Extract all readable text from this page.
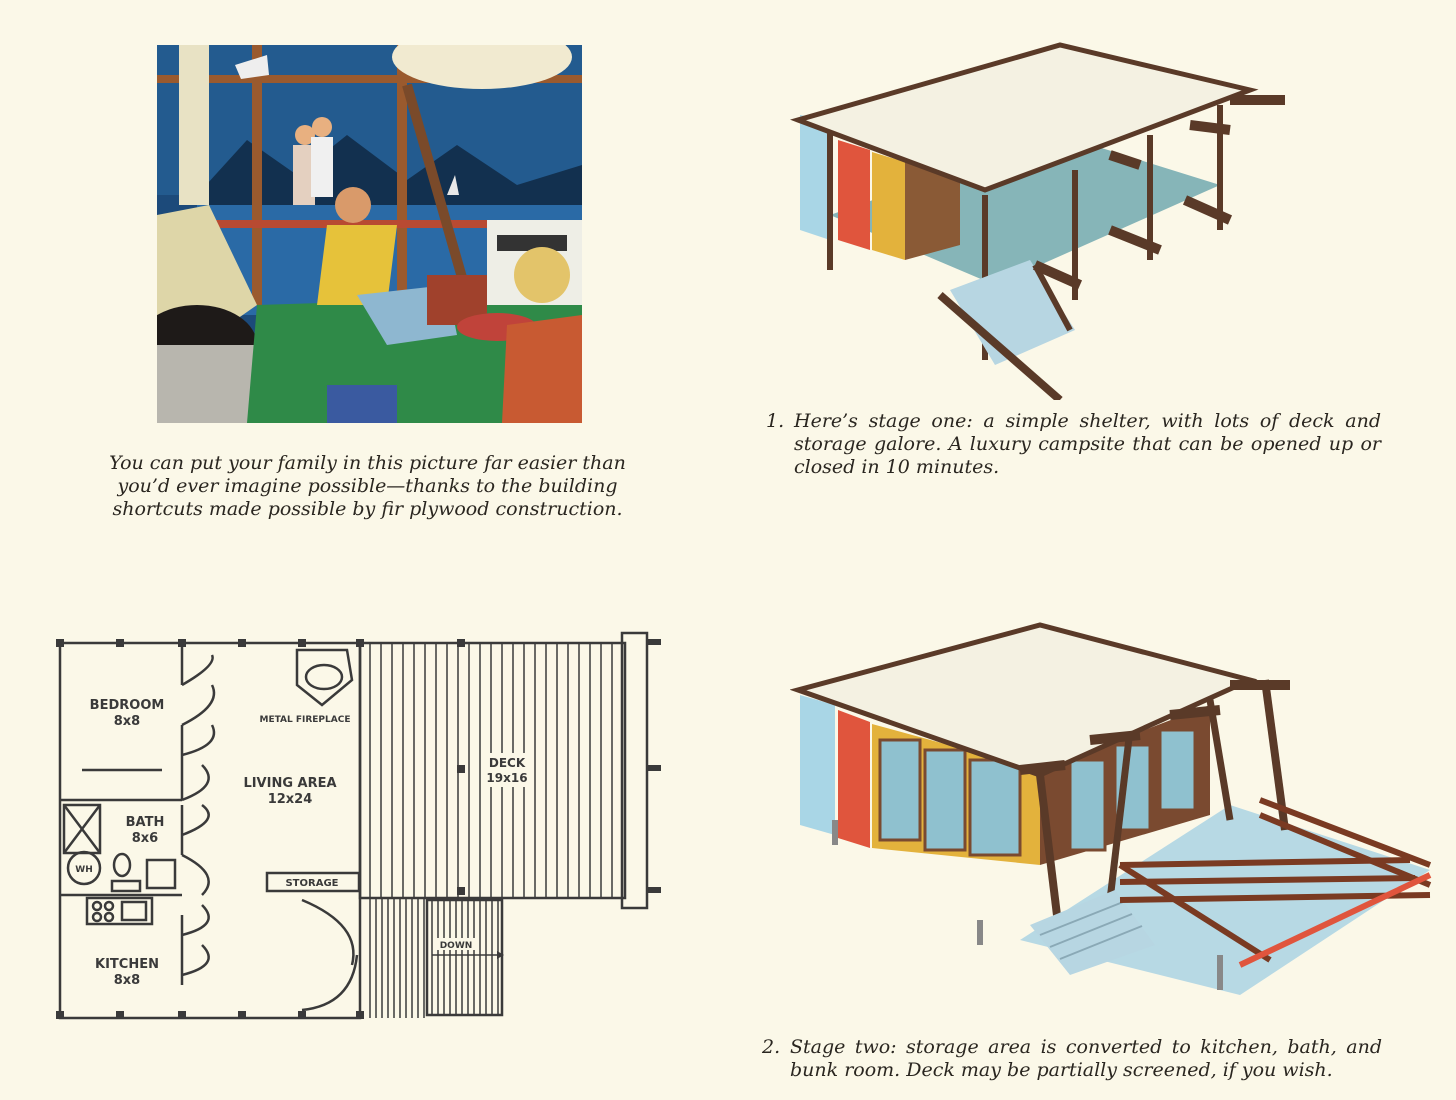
You can put your family in this picture far easier than you’d ever imagine possible—thanks to the building shortcuts made possible by fir plywood construction.
1. Here’s stage one: a simple shelter, with lots of deck and storage galore. A luxury campsite that can be opened up or closed in 10 minutes.
BEDROOM
8x8	METAL FIREPLACE
LIVING AREA
12x24
DECK
19x16
BATH
8x6
WH
STORAGE
KITCHEN
8x8
DOWN
2. Stage two: storage area is converted to kitchen, bath, and bunk room. Deck may be partially screened, if you wish.
